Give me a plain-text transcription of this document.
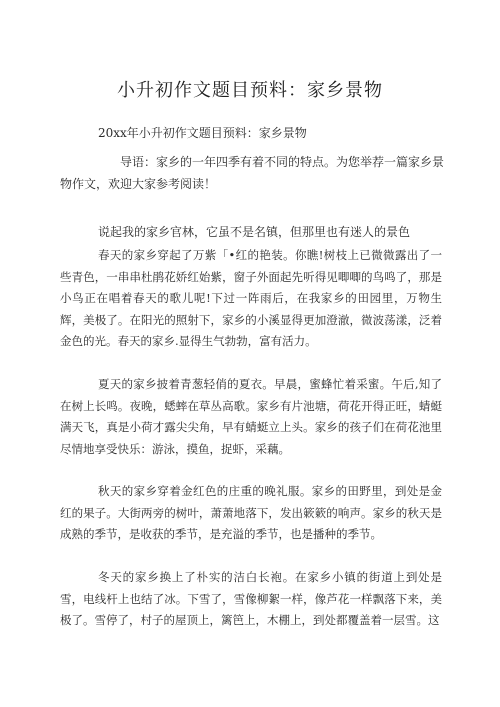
小升初作文题目预料：家乡景物
20xx年小升初作文题目预料：家乡景物
导语：家乡的一年四季有着不同的特点。为您举荐一篇家乡景物作文，欢迎大家参考阅读！
说起我的家乡官林，它虽不是名镇，但那里也有迷人的景色
春天的家乡穿起了万紫「•红的艳装。你瞧!树枝上已微微露出了一些青色，一串串杜鹃花娇红始紫，窗子外面起先听得见唧唧的鸟鸣了，那是小鸟正在唱着春天的歌儿呢!下过一阵雨后，在我家乡的田园里，万物生辉，美极了。在阳光的照射下，家乡的小溪显得更加澄澈，微波荡漾，泛着金色的光。春天的家乡.显得生气勃勃，富有活力。
夏天的家乡披着青葱轻俏的夏衣。早晨，蜜蜂忙着采蜜。午后,知了在树上长鸣。夜晚，蟋蟀在草丛高歌。家乡有片池塘，荷花开得正旺，蜻蜓满天飞，真是小荷才露尖尖角，早有蜻蜓立上头。家乡的孩子们在荷花池里尽情地享受快乐：游泳，摸鱼，捉虾，采藕。
秋天的家乡穿着金红色的庄重的晚礼服。家乡的田野里，到处是金红的果子。大街两旁的树叶，萧萧地落下，发出簌簌的响声。家乡的秋天是成熟的季节，是收获的季节，是充溢的季节，也是播种的季节。
冬天的家乡换上了朴实的洁白长袍。在家乡小镇的街道上到处是雪，电线杆上也结了冰。下雪了，雪像柳絮一样，像芦花一样飘落下来，美极了。雪停了，村子的屋顶上，篱笆上，木棚上，到处都覆盖着一层雪。这
